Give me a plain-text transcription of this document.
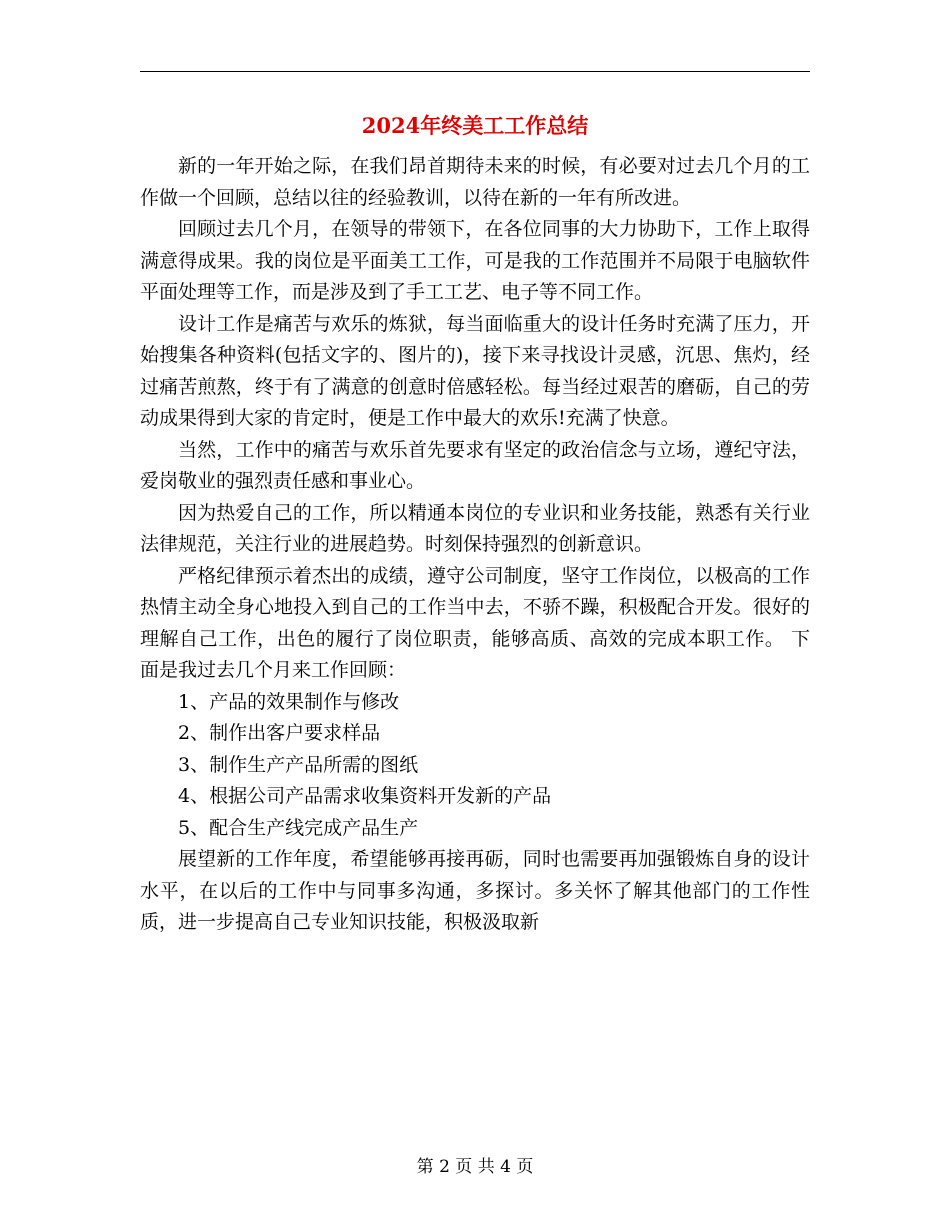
2024年终美工工作总结

新的一年开始之际，在我们昂首期待未来的时候，有必要对过去几个月的工作做一个回顾，总结以往的经验教训，以待在新的一年有所改进。

回顾过去几个月，在领导的带领下，在各位同事的大力协助下，工作上取得满意得成果。我的岗位是平面美工工作，可是我的工作范围并不局限于电脑软件平面处理等工作，而是涉及到了手工工艺、电子等不同工作。

设计工作是痛苦与欢乐的炼狱，每当面临重大的设计任务时充满了压力，开始搜集各种资料(包括文字的、图片的)，接下来寻找设计灵感，沉思、焦灼，经过痛苦煎熬，终于有了满意的创意时倍感轻松。每当经过艰苦的磨砺，自己的劳动成果得到大家的肯定时，便是工作中最大的欢乐!充满了快意。

当然，工作中的痛苦与欢乐首先要求有坚定的政治信念与立场，遵纪守法，爱岗敬业的强烈责任感和事业心。

因为热爱自己的工作，所以精通本岗位的专业识和业务技能，熟悉有关行业法律规范，关注行业的进展趋势。时刻保持强烈的创新意识。

严格纪律预示着杰出的成绩，遵守公司制度，坚守工作岗位，以极高的工作热情主动全身心地投入到自己的工作当中去，不骄不躁，积极配合开发。很好的理解自己工作，出色的履行了岗位职责，能够高质、高效的完成本职工作。 下面是我过去几个月来工作回顾：

1、产品的效果制作与修改

2、制作出客户要求样品

3、制作生产产品所需的图纸

4、根据公司产品需求收集资料开发新的产品

5、配合生产线完成产品生产

展望新的工作年度，希望能够再接再砺，同时也需要再加强锻炼自身的设计水平，在以后的工作中与同事多沟通，多探讨。多关怀了解其他部门的工作性质，进一步提高自己专业知识技能，积极汲取新

第 2 页 共 4 页
